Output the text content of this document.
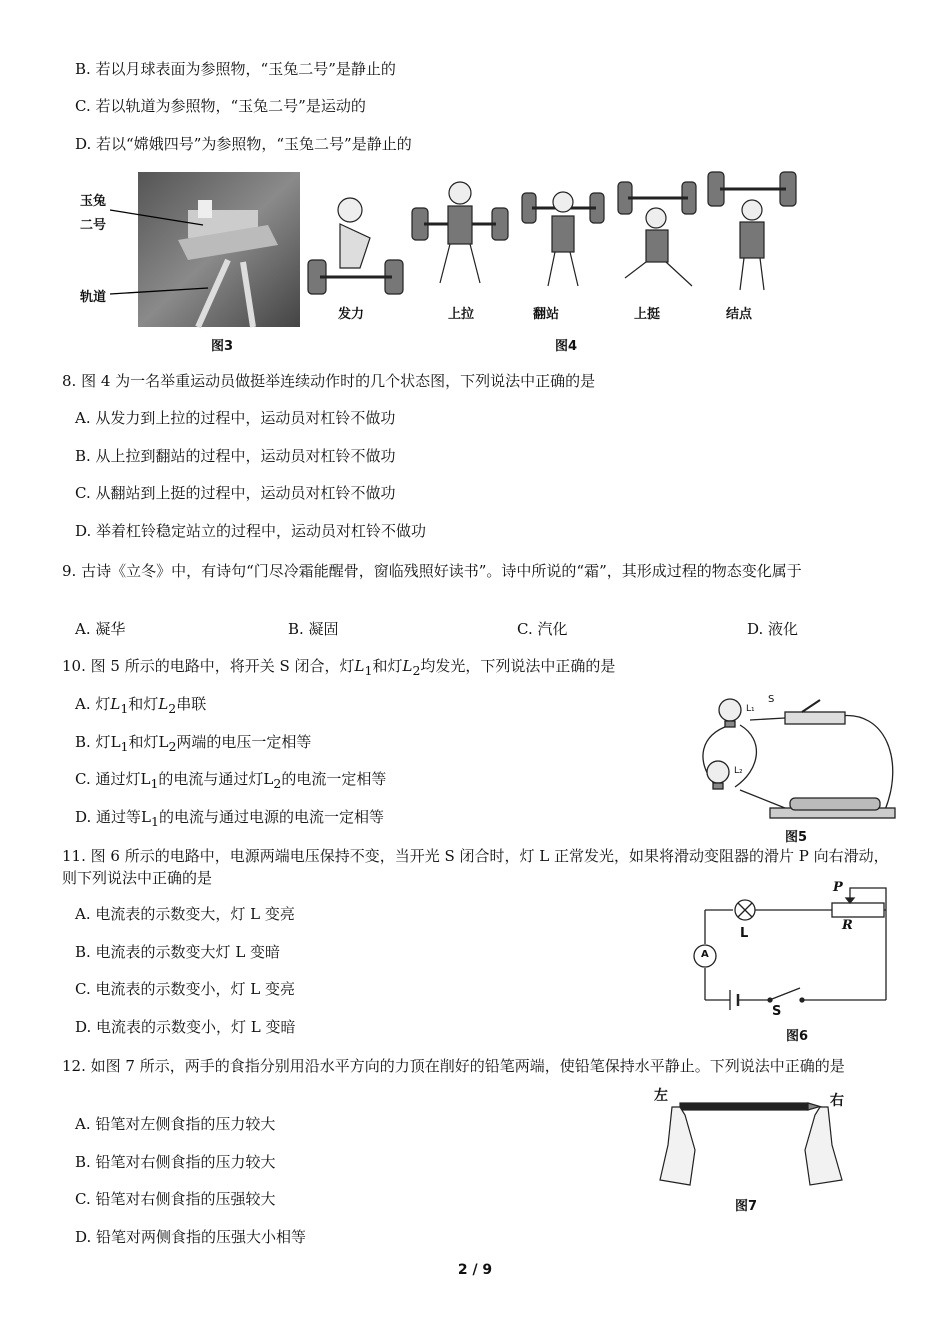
B. 若以月球表面为参照物，“玉兔二号”是静止的
C. 若以轨道为参照物，“玉兔二号”是运动的
D. 若以“嫦娥四号”为参照物，“玉兔二号”是静止的
玉兔
二号
轨道
图3
发力	上拉	翻站	上挺	结点
图4
8. 图 4 为一名举重运动员做挺举连续动作时的几个状态图，下列说法中正确的是
A. 从发力到上拉的过程中，运动员对杠铃不做功
B. 从上拉到翻站的过程中，运动员对杠铃不做功
C. 从翻站到上挺的过程中，运动员对杠铃不做功
D. 举着杠铃稳定站立的过程中，运动员对杠铃不做功
9. 古诗《立冬》中，有诗句“门尽冷霜能醒骨，窗临残照好读书”。诗中所说的“霜”，其形成过程的物态变化属于
A. 凝华	B. 凝固	C. 汽化	D. 液化
10. 图 5 所示的电路中，将开关 S 闭合，灯$L_1$和灯$L_2$均发光，下列说法中正确的是
A. 灯$L_1$和灯$L_2$串联
B. 灯$L_1$和灯$L_2$两端的电压一定相等
C. 通过灯$L_1$的电流与通过灯$L_2$的电流一定相等
D. 通过等$L_1$的电流与通过电源的电流一定相等
S
L₁
L₂
图5
11. 图 6 所示的电路中，电源两端电压保持不变，当开光 S 闭合时，灯 L 正常发光，如果将滑动变阻器的滑片 P 向右滑动，则下列说法中正确的是
A. 电流表的示数变大，灯 L 变亮
B. 电流表的示数变大灯 L 变暗
C. 电流表的示数变小，灯 L 变亮
D. 电流表的示数变小，灯 L 变暗
A
L
P
R
S
图6
12. 如图 7 所示，两手的食指分别用沿水平方向的力顶在削好的铅笔两端，使铅笔保持水平静止。下列说法中正确的是
A. 铅笔对左侧食指的压力较大
B. 铅笔对右侧食指的压力较大
C. 铅笔对右侧食指的压强较大
D. 铅笔对两侧食指的压强大小相等
左	右
图7
2 / 9
